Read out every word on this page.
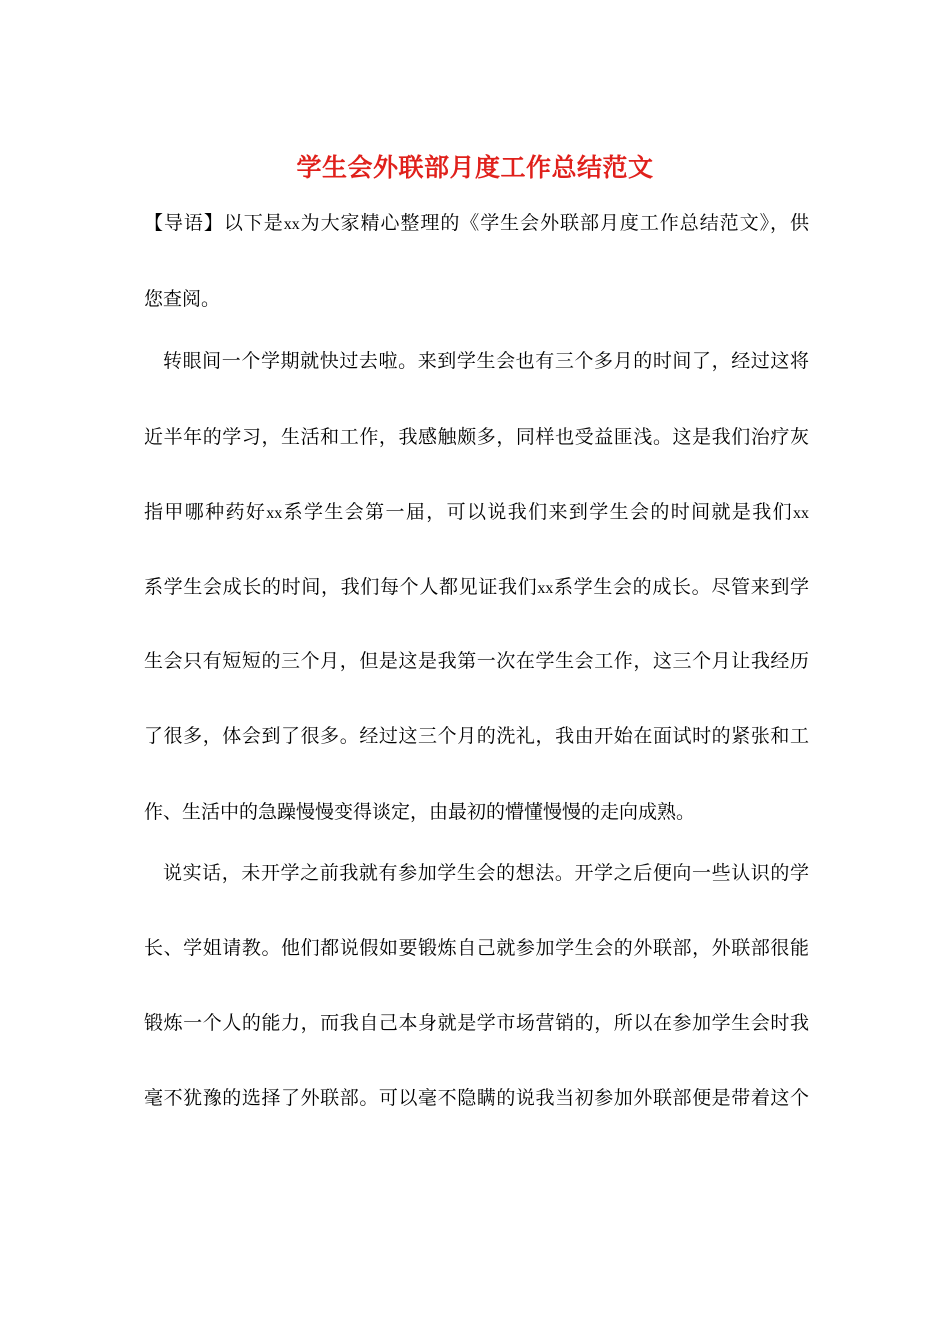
学生会外联部月度工作总结范文
【导语】以下是xx为大家精心整理的《学生会外联部月度工作总结范文》，供
您查阅。
转眼间一个学期就快过去啦。来到学生会也有三个多月的时间了，经过这将
近半年的学习，生活和工作，我感触颇多，同样也受益匪浅。这是我们治疗灰
指甲哪种药好xx系学生会第一届，可以说我们来到学生会的时间就是我们xx
系学生会成长的时间，我们每个人都见证我们xx系学生会的成长。尽管来到学
生会只有短短的三个月，但是这是我第一次在学生会工作，这三个月让我经历
了很多，体会到了很多。经过这三个月的洗礼，我由开始在面试时的紧张和工
作、生活中的急躁慢慢变得谈定，由最初的懵懂慢慢的走向成熟。
说实话，未开学之前我就有参加学生会的想法。开学之后便向一些认识的学
长、学姐请教。他们都说假如要锻炼自己就参加学生会的外联部，外联部很能
锻炼一个人的能力，而我自己本身就是学市场营销的，所以在参加学生会时我
毫不犹豫的选择了外联部。可以毫不隐瞒的说我当初参加外联部便是带着这个
